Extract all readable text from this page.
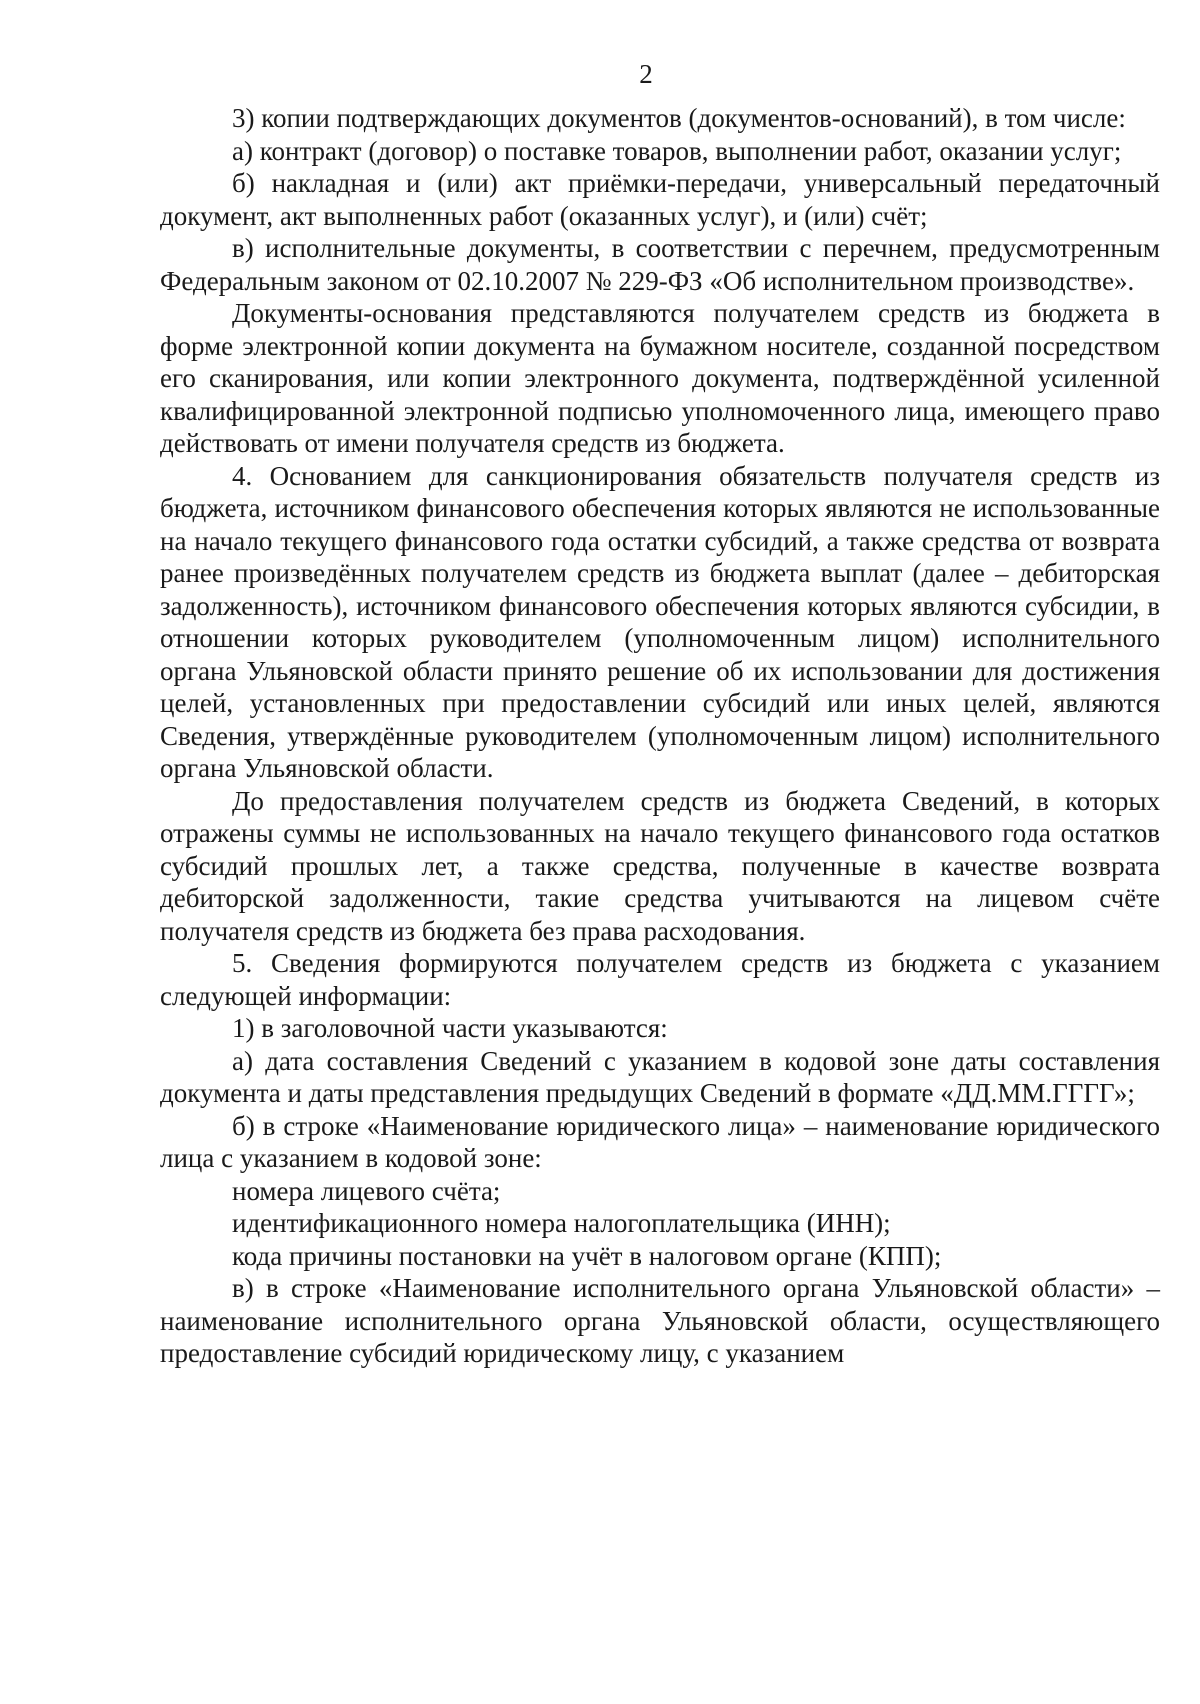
2

3) копии подтверждающих документов (документов-оснований), в том числе:

а) контракт (договор) о поставке товаров, выполнении работ, оказании услуг;

б) накладная и (или) акт приёмки-передачи, универсальный передаточный документ, акт выполненных работ (оказанных услуг), и (или) счёт;

в) исполнительные документы, в соответствии с перечнем, предусмотренным Федеральным законом от 02.10.2007 № 229-ФЗ «Об исполнительном производстве».

Документы-основания представляются получателем средств из бюджета в форме электронной копии документа на бумажном носителе, созданной посредством его сканирования, или копии электронного документа, подтверждённой усиленной квалифицированной электронной подписью уполномоченного лица, имеющего право действовать от имени получателя средств из бюджета.

4. Основанием для санкционирования обязательств получателя средств из бюджета, источником финансового обеспечения которых являются не использованные на начало текущего финансового года остатки субсидий, а также средства от возврата ранее произведённых получателем средств из бюджета выплат (далее – дебиторская задолженность), источником финансового обеспечения которых являются субсидии, в отношении которых руководителем (уполномоченным лицом) исполнительного органа Ульяновской области принято решение об их использовании для достижения целей, установленных при предоставлении субсидий или иных целей, являются Сведения, утверждённые руководителем (уполномоченным лицом) исполнительного органа Ульяновской области.

До предоставления получателем средств из бюджета Сведений, в которых отражены суммы не использованных на начало текущего финансового года остатков субсидий прошлых лет, а также средства, полученные в качестве возврата дебиторской задолженности, такие средства учитываются на лицевом счёте получателя средств из бюджета без права расходования.

5. Сведения формируются получателем средств из бюджета с указанием следующей информации:

1) в заголовочной части указываются:

а) дата составления Сведений с указанием в кодовой зоне даты составления документа и даты представления предыдущих Сведений в формате «ДД.ММ.ГГГГ»;

б) в строке «Наименование юридического лица» – наименование юридического лица с указанием в кодовой зоне:

номера лицевого счёта;

идентификационного номера налогоплательщика (ИНН);

кода причины постановки на учёт в налоговом органе (КПП);

в) в строке «Наименование исполнительного органа Ульяновской области» – наименование исполнительного органа Ульяновской области, осуществляющего предоставление субсидий юридическому лицу, с указанием
